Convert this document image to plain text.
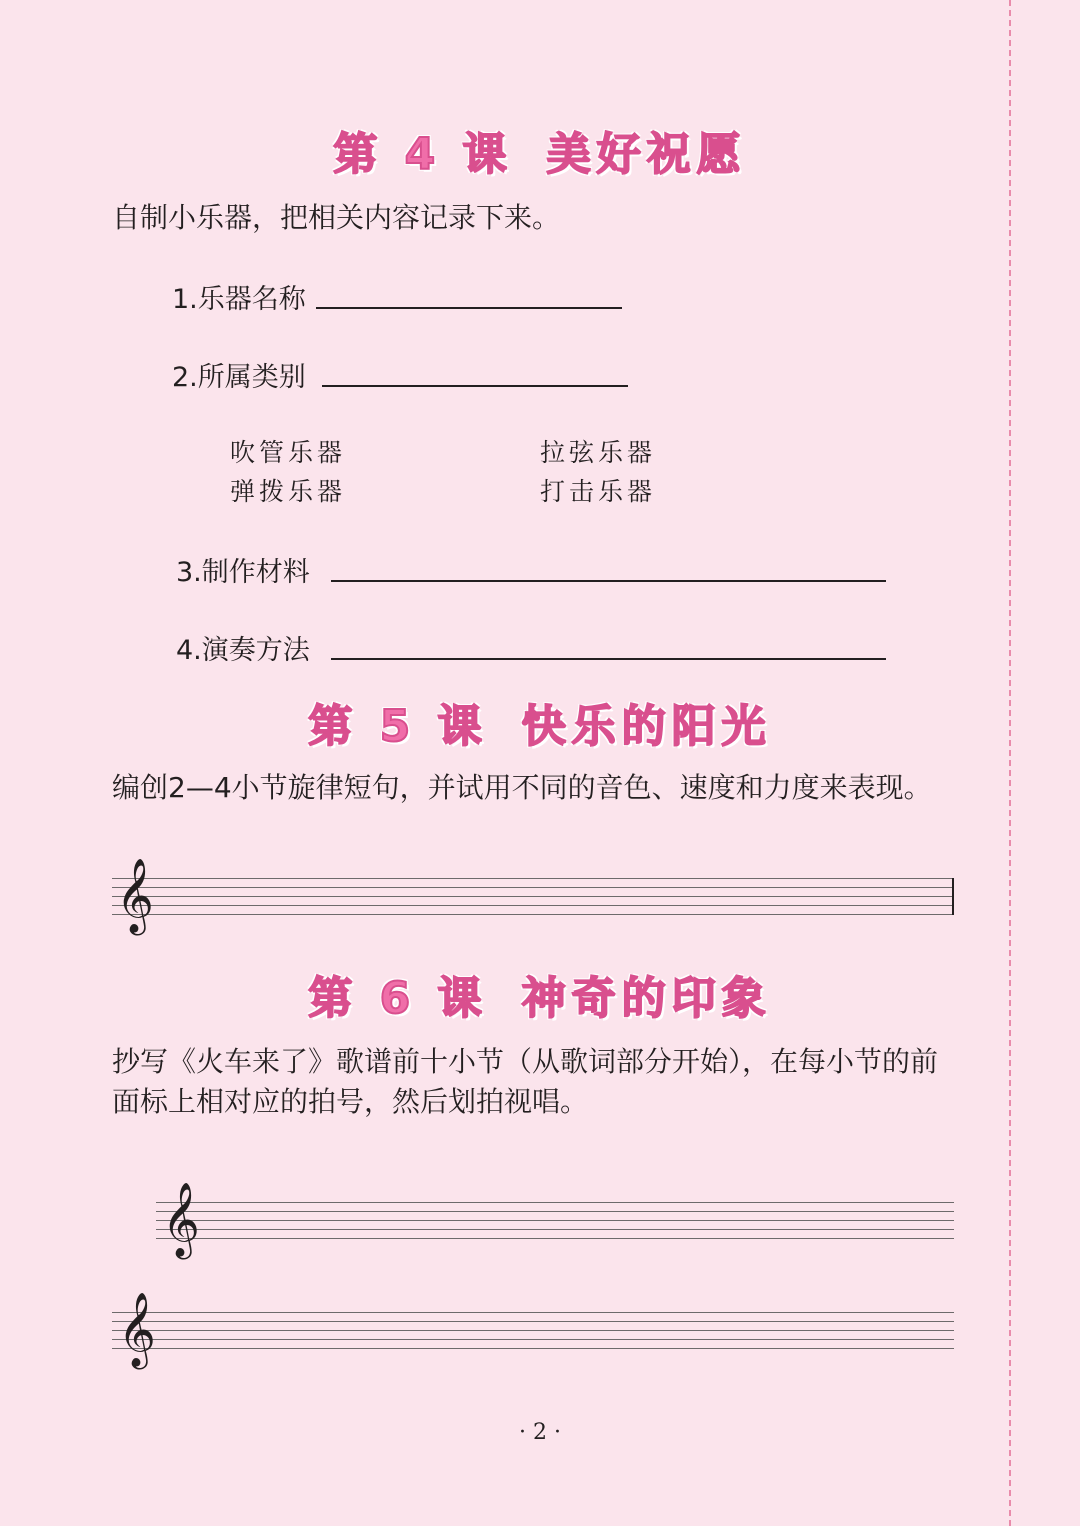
第 4 课 美好祝愿
自制小乐器，把相关内容记录下来。
1.乐器名称
2.所属类别
吹管乐器	拉弦乐器
弹拨乐器	打击乐器
3.制作材料
4.演奏方法
第 5 课 快乐的阳光
编创2—4小节旋律短句，并试用不同的音色、速度和力度来表现。
𝄞
第 6 课 神奇的印象
抄写《火车来了》歌谱前十小节（从歌词部分开始），在每小节的前面标上相对应的拍号，然后划拍视唱。
𝄞
𝄞
· 2 ·
